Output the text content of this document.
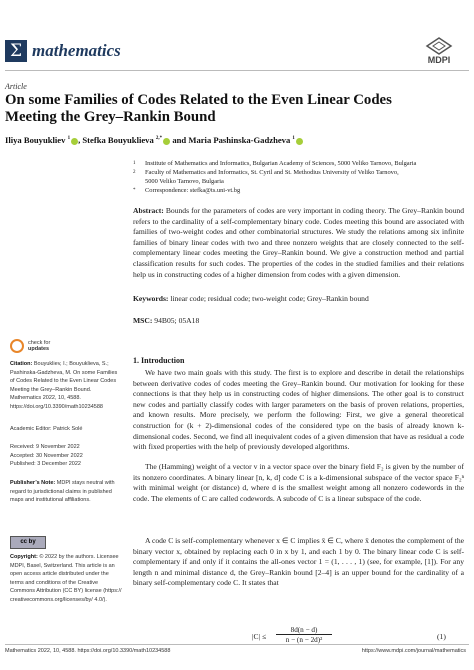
Σ mathematics	MDPI
Article
On some Families of Codes Related to the Even Linear Codes
Meeting the Grey–Rankin Bound
Iliya Bouyukliev $^1$ , Stefka Bouyuklieva $^{2,*}$ and Maria Pashinska-Gadzheva $^1$
1 Institute of Mathematics and Informatics, Bulgarian Academy of Sciences, 5000 Veliko Tarnovo, Bulgaria
2 Faculty of Mathematics and Informatics, St. Cyril and St. Methodius University of Veliko Tarnovo,
5000 Veliko Tarnovo, Bulgaria
* Correspondence: stefka@ts.uni-vt.bg
Abstract: Bounds for the parameters of codes are very important in coding theory. The Grey–Rankin bound refers to the cardinality of a self-complementary binary code. Codes meeting this bound are associated with families of two-weight codes and other combinatorial structures. We study the relations among six infinite families of binary linear codes with two and three nonzero weights that are closely connected to the self-complementary linear codes meeting the Grey–Rankin bound. We give a construction method and partial classification results for such codes. The properties of the codes in the studied families and their relations help us in constructing codes of a higher dimension from codes with a given dimension.
Keywords: linear code; residual code; two-weight code; Grey–Rankin bound
MSC: 94B05; 05A18
1. Introduction
We have two main goals with this study. The first is to explore and describe in detail the relationships between derivative codes of codes meeting the Grey–Rankin bound. Our motivation for looking for these connections is that they help us in constructing codes of higher dimensions. The other goal is to construct new codes and partially classify codes with larger parameters on the basis of proven relations, properties, and known results. More precisely, we perform the following: First, we give a general theoretical construction for (k + 2)-dimensional codes of the considered type on the basis of already known k-dimensional codes. Second, we find all inequivalent codes of a given dimension that have as residual a code with fixed properties with the help of previously developed algorithms.
The (Hamming) weight of a vector v in a vector space over the binary field F₂ is given by the number of its nonzero coordinates. A binary linear [n, k, d] code C is a k-dimensional subspace of the vector space F₂ⁿ with minimal weight (or distance) d, where d is the smallest weight among all nonzero codewords in the code. The elements of C are called codewords. A subcode of C is a linear subspace of the code.
A code C is self-complementary whenever x ∈ C implies x̄ ∈ C, where x̄ denotes the complement of the binary vector x, obtained by replacing each 0 in x by 1, and each 1 by 0. The binary linear code C is self-complementary if and only if it contains the all-ones vector 1 = (1, . . . , 1) (see, for example, [1]). For any length n and minimal distance d, the Grey–Rankin bound [2–4] is an upper bound for the cardinality of a binary self-complementary code C. It states that
|C| ≤
8d(n − d)
n − (n − 2d)²	(1)
check for
updates
Citation: Bouyukliev, I.; Bouyuklieva, S.; Pashinska-Gadzheva, M. On some Families of Codes Related to the Even Linear Codes Meeting the Grey–Rankin Bound. Mathematics 2022, 10, 4588. https://doi.org/10.3390/math10234588
Academic Editor: Patrick Solé
Received: 9 November 2022
Accepted: 30 November 2022
Published: 3 December 2022
Publisher’s Note: MDPI stays neutral with regard to jurisdictional claims in published maps and institutional affiliations.
cc by
Copyright: © 2022 by the authors. Licensee MDPI, Basel, Switzerland. This article is an open access article distributed under the terms and conditions of the Creative Commons Attribution (CC BY) license (https:// creativecommons.org/licenses/by/ 4.0/).
Mathematics 2022, 10, 4588. https://doi.org/10.3390/math10234588	https://www.mdpi.com/journal/mathematics
